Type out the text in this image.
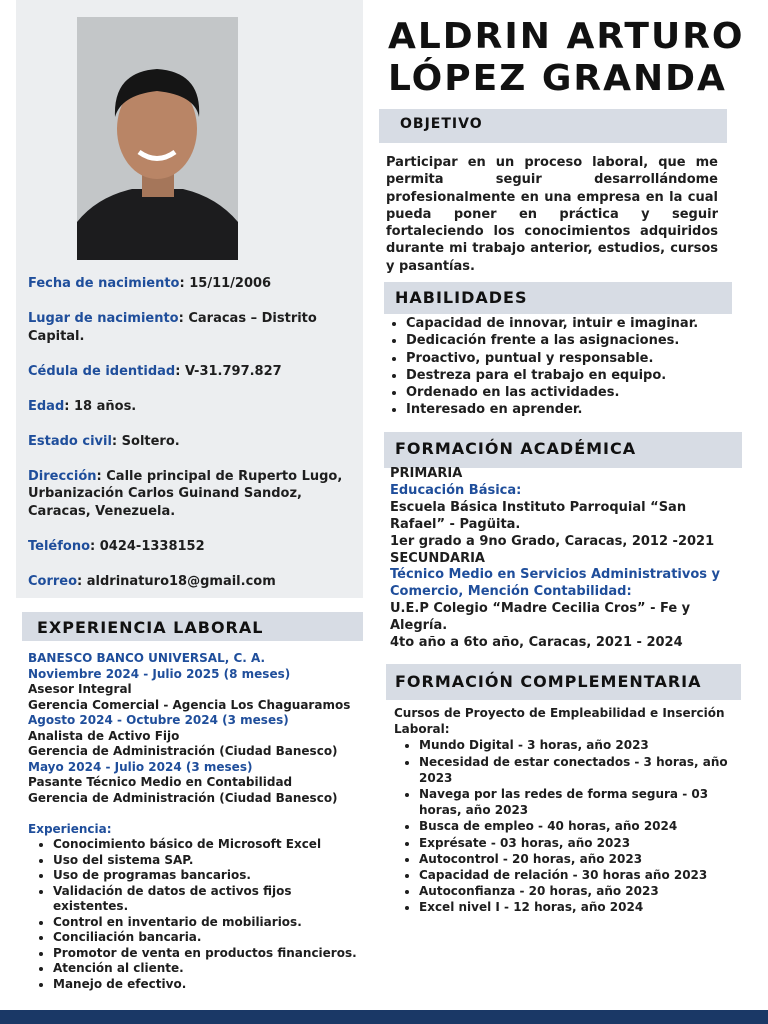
Fecha de nacimiento: 15/11/2006

Lugar de nacimiento: Caracas – Distrito Capital.

Cédula de identidad: V-31.797.827

Edad: 18 años.

Estado civil: Soltero.

Dirección: Calle principal de Ruperto Lugo, Urbanización Carlos Guinand Sandoz, Caracas, Venezuela.

Teléfono: 0424-1338152

Correo: aldrinaturo18@gmail.com

ALDRIN ARTURO
LÓPEZ GRANDA
OBJETIVO

Participar en un proceso laboral, que me permita seguir desarrollándome profesionalmente en una empresa en la cual pueda poner en práctica y seguir fortaleciendo los conocimientos adquiridos durante mi trabajo anterior, estudios, cursos y pasantías.

HABILIDADES
• Capacidad de innovar, intuir e imaginar.
• Dedicación frente a las asignaciones.
• Proactivo, puntual y responsable.
• Destreza para el trabajo en equipo.
• Ordenado en las actividades.
• Interesado en aprender.
FORMACIÓN ACADÉMICA
PRIMARIA
Educación Básica:
Escuela Básica Instituto Parroquial “San Rafael” - Pagüita.
1er grado a 9no Grado, Caracas, 2012 -2021
SECUNDARIA
Técnico Medio en Servicios Administrativos y Comercio, Mención Contabilidad:
U.E.P Colegio “Madre Cecilia Cros” - Fe y Alegría.
4to año a 6to año, Caracas, 2021 - 2024
FORMACIÓN COMPLEMENTARIA
Cursos de Proyecto de Empleabilidad e Inserción Laboral:
• Mundo Digital - 3 horas, año 2023
• Necesidad de estar conectados - 3 horas, año 2023
• Navega por las redes de forma segura - 03 horas, año 2023
• Busca de empleo - 40 horas, año 2024
• Exprésate - 03 horas, año 2023
• Autocontrol - 20 horas, año 2023
• Capacidad de relación - 30 horas año 2023
• Autoconfianza - 20 horas, año 2023
• Excel nivel I - 12 horas, año 2024
EXPERIENCIA LABORAL
BANESCO BANCO UNIVERSAL, C. A.
Noviembre 2024 - Julio 2025 (8 meses)
Asesor Integral
Gerencia Comercial - Agencia Los Chaguaramos
Agosto 2024 - Octubre 2024 (3 meses)
Analista de Activo Fijo
Gerencia de Administración (Ciudad Banesco)
Mayo 2024 - Julio 2024 (3 meses)
Pasante Técnico Medio en Contabilidad
Gerencia de Administración (Ciudad Banesco)
Experiencia:
• Conocimiento básico de Microsoft Excel
• Uso del sistema SAP.
• Uso de programas bancarios.
• Validación de datos de activos fijos existentes.
• Control en inventario de mobiliarios.
• Conciliación bancaria.
• Promotor de venta en productos financieros.
• Atención al cliente.
• Manejo de efectivo.
